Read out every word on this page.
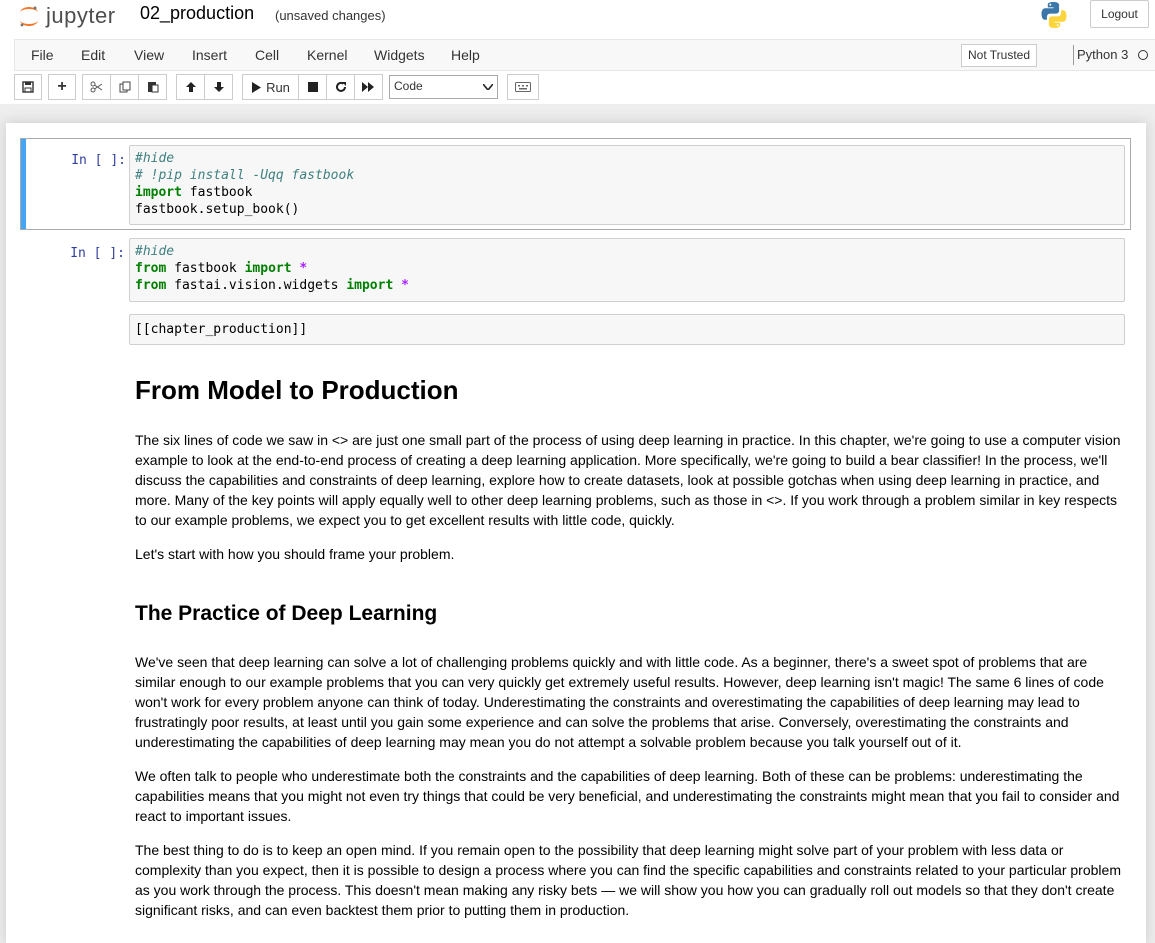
jupyter 02_production (unsaved changes)	Logout
File Edit View Insert Cell Kernel Widgets Help	Not Trusted	Python 3
+	Run	Code
In [ ]: #hide
# !pip install -Uqq fastbook
import fastbook
fastbook.setup_book()
In [ ]: #hide
from fastbook import *
from fastai.vision.widgets import *
[[chapter_production]]
From Model to Production

The six lines of code we saw in <> are just one small part of the process of using deep learning in practice. In this chapter, we're going to use a computer vision example to look at the end-to-end process of creating a deep learning application. More specifically, we're going to build a bear classifier! In the process, we'll discuss the capabilities and constraints of deep learning, explore how to create datasets, look at possible gotchas when using deep learning in practice, and more. Many of the key points will apply equally well to other deep learning problems, such as those in <>. If you work through a problem similar in key respects to our example problems, we expect you to get excellent results with little code, quickly.

Let's start with how you should frame your problem.

The Practice of Deep Learning

We've seen that deep learning can solve a lot of challenging problems quickly and with little code. As a beginner, there's a sweet spot of problems that are similar enough to our example problems that you can very quickly get extremely useful results. However, deep learning isn't magic! The same 6 lines of code won't work for every problem anyone can think of today. Underestimating the constraints and overestimating the capabilities of deep learning may lead to frustratingly poor results, at least until you gain some experience and can solve the problems that arise. Conversely, overestimating the constraints and underestimating the capabilities of deep learning may mean you do not attempt a solvable problem because you talk yourself out of it.

We often talk to people who underestimate both the constraints and the capabilities of deep learning. Both of these can be problems: underestimating the capabilities means that you might not even try things that could be very beneficial, and underestimating the constraints might mean that you fail to consider and react to important issues.

The best thing to do is to keep an open mind. If you remain open to the possibility that deep learning might solve part of your problem with less data or complexity than you expect, then it is possible to design a process where you can find the specific capabilities and constraints related to your particular problem as you work through the process. This doesn't mean making any risky bets — we will show you how you can gradually roll out models so that they don't create significant risks, and can even backtest them prior to putting them in production.
